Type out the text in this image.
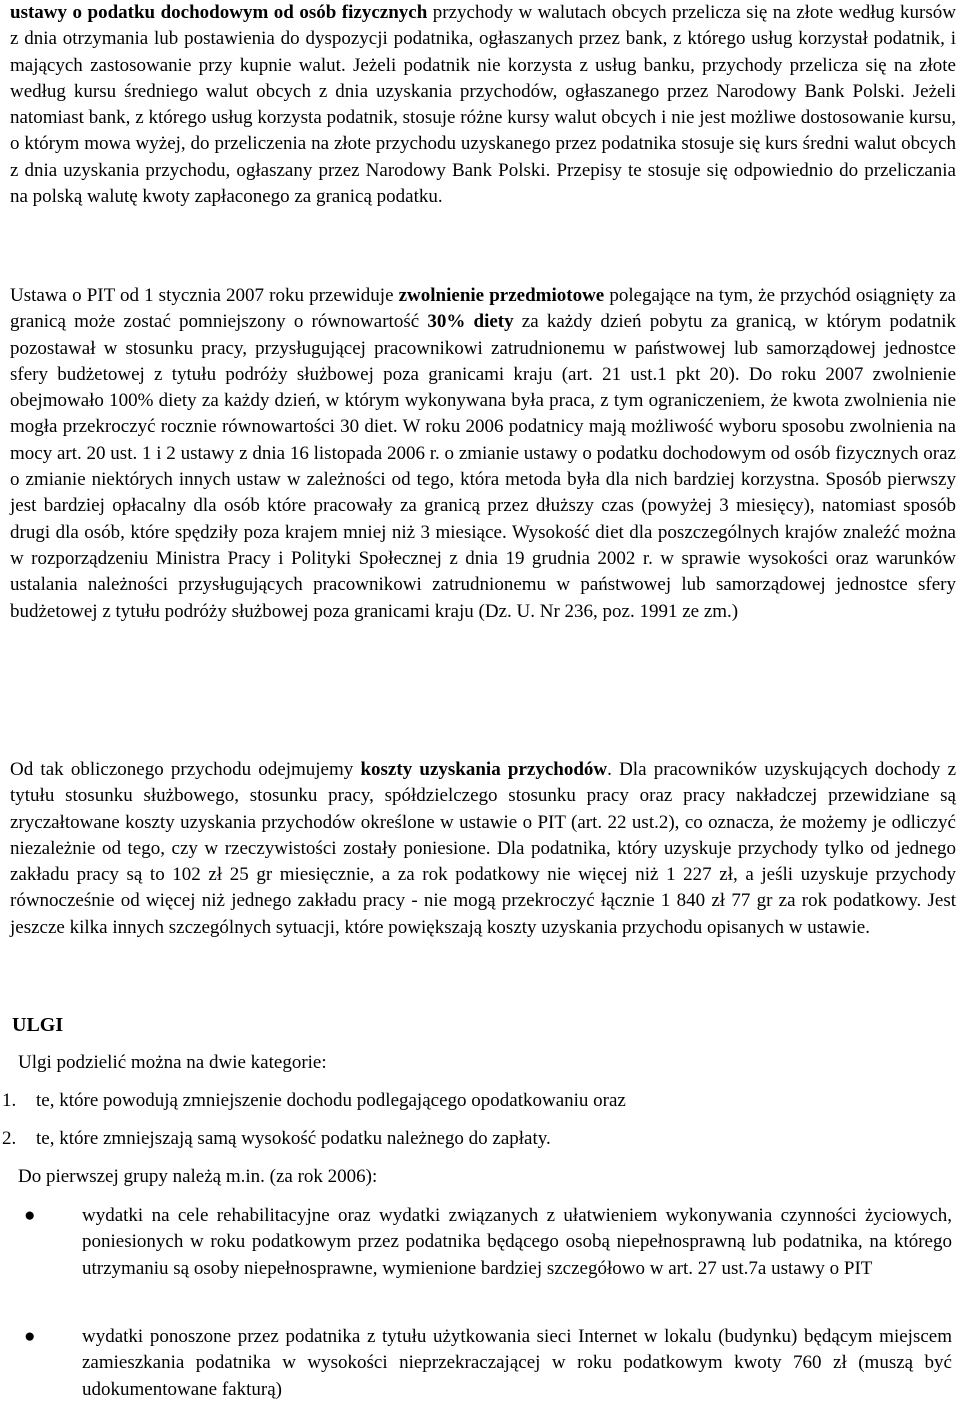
ustawy o podatku dochodowym od osób fizycznych przychody w walutach obcych przelicza się na złote według kursów z dnia otrzymania lub postawienia do dyspozycji podatnika, ogłaszanych przez bank, z którego usług korzystał podatnik, i mających zastosowanie przy kupnie walut. Jeżeli podatnik nie korzysta z usług banku, przychody przelicza się na złote według kursu średniego walut obcych z dnia uzyskania przychodów, ogłaszanego przez Narodowy Bank Polski. Jeżeli natomiast bank, z którego usług korzysta podatnik, stosuje różne kursy walut obcych i nie jest możliwe dostosowanie kursu, o którym mowa wyżej, do przeliczenia na złote przychodu uzyskanego przez podatnika stosuje się kurs średni walut obcych z dnia uzyskania przychodu, ogłaszany przez Narodowy Bank Polski. Przepisy te stosuje się odpowiednio do przeliczania na polską walutę kwoty zapłaconego za granicą podatku.

Ustawa o PIT od 1 stycznia 2007 roku przewiduje zwolnienie przedmiotowe polegające na tym, że przychód osiągnięty za granicą może zostać pomniejszony o równowartość 30% diety za każdy dzień pobytu za granicą, w którym podatnik pozostawał w stosunku pracy, przysługującej pracownikowi zatrudnionemu w państwowej lub samorządowej jednostce sfery budżetowej z tytułu podróży służbowej poza granicami kraju (art. 21 ust.1 pkt 20). Do roku 2007 zwolnienie obejmowało 100% diety za każdy dzień, w którym wykonywana była praca, z tym ograniczeniem, że kwota zwolnienia nie mogła przekroczyć rocznie równowartości 30 diet. W roku 2006 podatnicy mają możliwość wyboru sposobu zwolnienia na mocy art. 20 ust. 1 i 2 ustawy z dnia 16 listopada 2006 r. o zmianie ustawy o podatku dochodowym od osób fizycznych oraz o zmianie niektórych innych ustaw w zależności od tego, która metoda była dla nich bardziej korzystna. Sposób pierwszy jest bardziej opłacalny dla osób które pracowały za granicą przez dłuższy czas (powyżej 3 miesięcy), natomiast sposób drugi dla osób, które spędziły poza krajem mniej niż 3 miesiące. Wysokość diet dla poszczególnych krajów znaleźć można w rozporządzeniu Ministra Pracy i Polityki Społecznej z dnia 19 grudnia 2002 r. w sprawie wysokości oraz warunków ustalania należności przysługujących pracownikowi zatrudnionemu w państwowej lub samorządowej jednostce sfery budżetowej z tytułu podróży służbowej poza granicami kraju (Dz. U. Nr 236, poz. 1991 ze zm.)

Od tak obliczonego przychodu odejmujemy koszty uzyskania przychodów. Dla pracowników uzyskujących dochody z tytułu stosunku służbowego, stosunku pracy, spółdzielczego stosunku pracy oraz pracy nakładczej przewidziane są zryczałtowane koszty uzyskania przychodów określone w ustawie o PIT (art. 22 ust.2), co oznacza, że możemy je odliczyć niezależnie od tego, czy w rzeczywistości zostały poniesione. Dla podatnika, który uzyskuje przychody tylko od jednego zakładu pracy są to 102 zł 25 gr miesięcznie, a za rok podatkowy nie więcej niż 1 227 zł, a jeśli uzyskuje przychody równocześnie od więcej niż jednego zakładu pracy - nie mogą przekroczyć łącznie 1 840 zł 77 gr za rok podatkowy. Jest jeszcze kilka innych szczególnych sytuacji, które powiększają koszty uzyskania przychodu opisanych w ustawie.

ULGI

Ulgi podzielić można na dwie kategorie:

1. te, które powodują zmniejszenie dochodu podlegającego opodatkowaniu oraz
2. te, które zmniejszają samą wysokość podatku należnego do zapłaty.

Do pierwszej grupy należą m.in. (za rok 2006):

● wydatki na cele rehabilitacyjne oraz wydatki związanych z ułatwieniem wykonywania czynności życiowych, poniesionych w roku podatkowym przez podatnika będącego osobą niepełnosprawną lub podatnika, na którego utrzymaniu są osoby niepełnosprawne, wymienione bardziej szczegółowo w art. 27 ust.7a ustawy o PIT

● wydatki ponoszone przez podatnika z tytułu użytkowania sieci Internet w lokalu (budynku) będącym miejscem zamieszkania podatnika w wysokości nieprzekraczającej w roku podatkowym kwoty 760 zł (muszą być udokumentowane fakturą)
